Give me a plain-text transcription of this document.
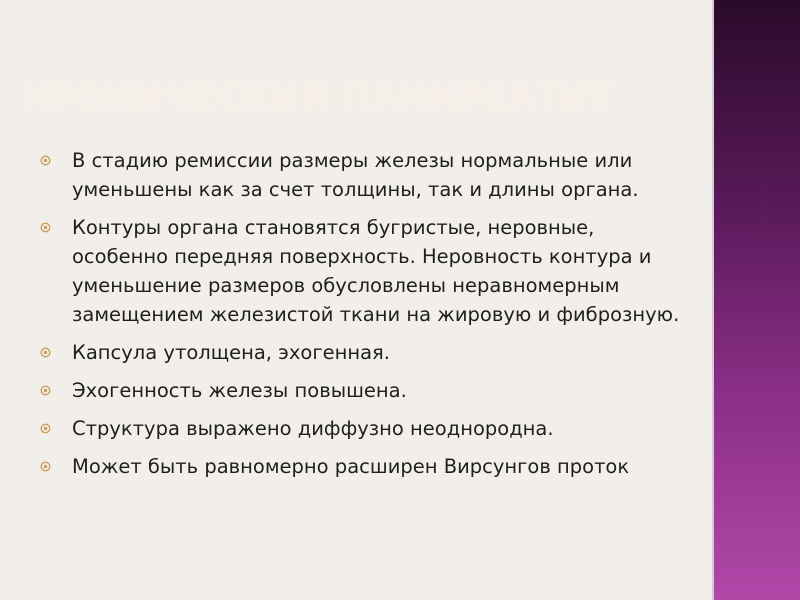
ХРОНИЧЕСКИЙ ПАНКРЕАТИТ
В стадию ремиссии размеры железы нормальные или уменьшены как за счет толщины, так и длины органа.
Контуры органа становятся бугристые, неровные, особенно передняя поверхность. Неровность контура и уменьшение размеров обусловлены неравномерным замещением железистой ткани на жировую и фиброзную.
Капсула утолщена, эхогенная.
Эхогенность железы повышена.
Структура выражено диффузно неоднородна.
Может быть равномерно расширен Вирсунгов проток
